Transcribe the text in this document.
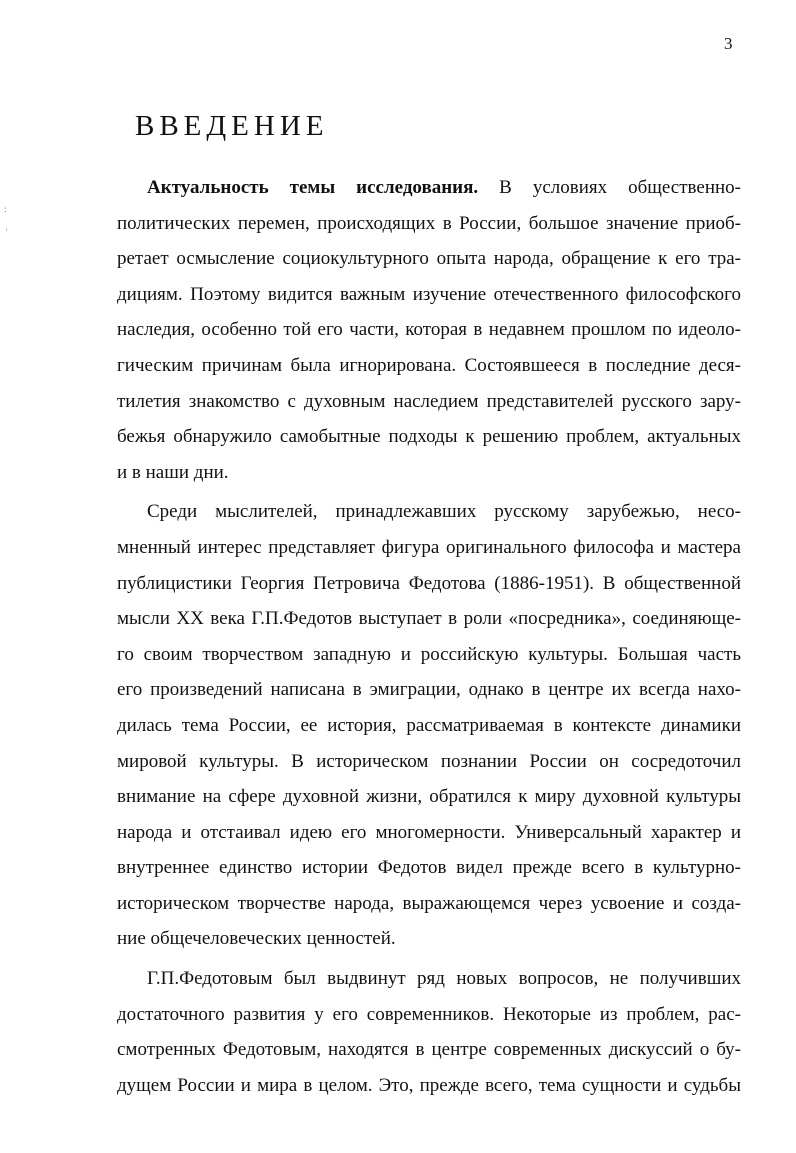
3
ВВЕДЕНИЕ
:
ᵢ
Актуальность темы исследования. В условиях общественно-
политических перемен, происходящих в России, большое значение приоб-
ретает осмысление социокультурного опыта народа, обращение к его тра-
дициям. Поэтому видится важным изучение отечественного философского
наследия, особенно той его части, которая в недавнем прошлом по идеоло-
гическим причинам была игнорирована. Состоявшееся в последние деся-
тилетия знакомство с духовным наследием представителей русского зару-
бежья обнаружило самобытные подходы к решению проблем, актуальных
и в наши дни.
Среди мыслителей, принадлежавших русскому зарубежью, несо-
мненный интерес представляет фигура оригинального философа и мастера
публицистики Георгия Петровича Федотова (1886-1951). В общественной
мысли XX века Г.П.Федотов выступает в роли «посредника», соединяюще-
го своим творчеством западную и российскую культуры. Большая часть
его произведений написана в эмиграции, однако в центре их всегда нахо-
дилась тема России, ее история, рассматриваемая в контексте динамики
мировой культуры. В историческом познании России он сосредоточил
внимание на сфере духовной жизни, обратился к миру духовной культуры
народа и отстаивал идею его многомерности. Универсальный характер и
внутреннее единство истории Федотов видел прежде всего в культурно-
историческом творчестве народа, выражающемся через усвоение и созда-
ние общечеловеческих ценностей.
Г.П.Федотовым был выдвинут ряд новых вопросов, не получивших
достаточного развития у его современников. Некоторые из проблем, рас-
смотренных Федотовым, находятся в центре современных дискуссий о бу-
дущем России и мира в целом. Это, прежде всего, тема сущности и судьбы
